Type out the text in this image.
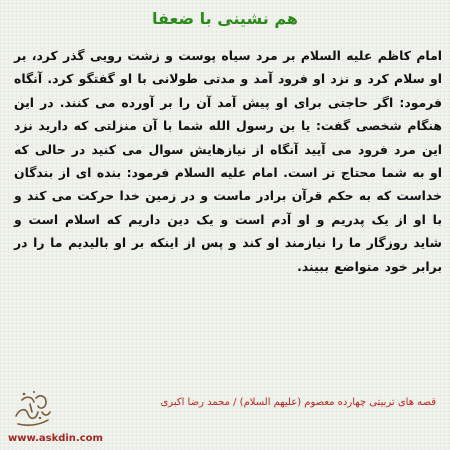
هم نشینی با ضعفا

امام کاظم علیه السلام بر مرد سیاه پوست و زشت رویی گذر کرد، بر او سلام کرد و نزد او فرود آمد و مدتی طولانی با او گفتگو کرد. آنگاه فرمود: اگر حاجتی برای او پیش آمد آن را بر آورده می کنند. در این هنگام شخصی گفت: یا بن رسول الله شما با آن منزلتی که دارید نزد این مرد فرود می آیید آنگاه از نیازهایش سوال می کنید در حالی که او به شما محتاج تر است. امام علیه السلام فرمود: بنده ای از بندگان خداست که به حکم قرآن برادر ماست و در زمین خدا حرکت می کند و با او از یک پدریم و او آدم است و یک دین داریم که اسلام است و شاید روزگار ما را نیازمند او کند و پس از اینکه بر او بالیدیم ما را در برابر خود متواضع ببیند.

قصه های تربیتی چهارده معصوم (علیهم السلام) / محمد رضا اکبری
www.askdin.com
